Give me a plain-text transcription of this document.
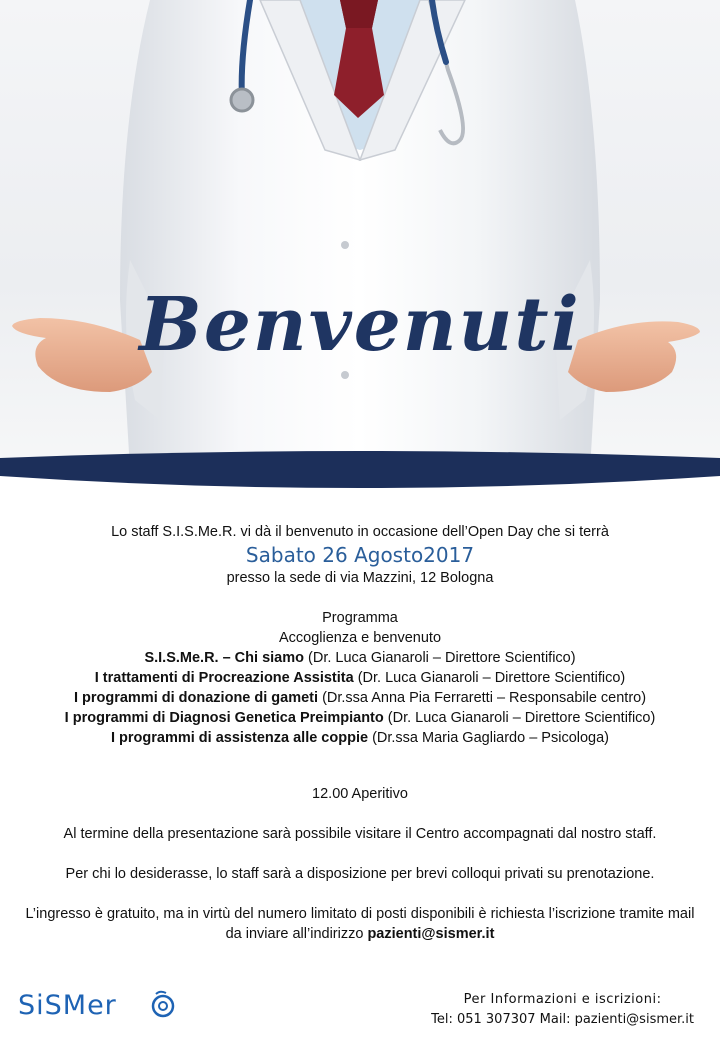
Benvenuti
Lo staff S.I.S.Me.R. vi dà il benvenuto in occasione dell’Open Day che si terrà
Sabato 26 Agosto2017
presso la sede di via Mazzini, 12 Bologna
Programma
Accoglienza e benvenuto
S.I.S.Me.R. – Chi siamo (Dr. Luca Gianaroli – Direttore Scientifico)
I trattamenti di Procreazione Assistita (Dr. Luca Gianaroli – Direttore Scientifico)
I programmi di donazione di gameti (Dr.ssa Anna Pia Ferraretti – Responsabile centro)
I programmi di Diagnosi Genetica Preimpianto (Dr. Luca Gianaroli – Direttore Scientifico)
I programmi di assistenza alle coppie (Dr.ssa Maria Gagliardo – Psicologa)
12.00 Aperitivo
Al termine della presentazione sarà possibile visitare il Centro accompagnati dal nostro staff.
Per chi lo desiderasse, lo staff sarà a disposizione per brevi colloqui privati su prenotazione.
L’ingresso è gratuito, ma in virtù del numero limitato di posti disponibili è richiesta l’iscrizione tramite mail da inviare all’indirizzo pazienti@sismer.it
SiSMer	Per Informazioni e iscrizioni:
Tel: 051 307307 Mail: pazienti@sismer.it
